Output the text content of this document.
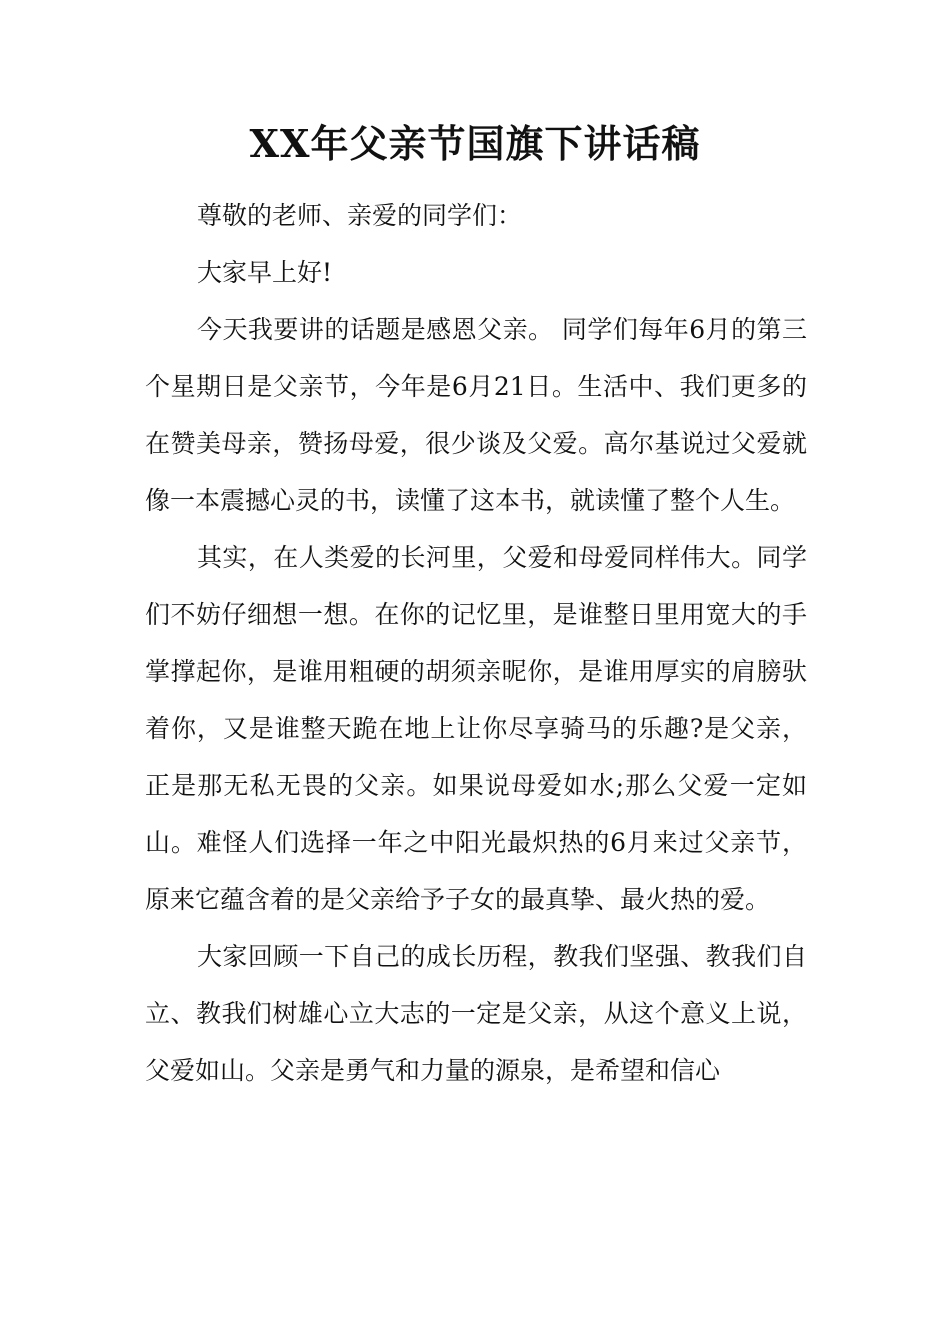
XX年父亲节国旗下讲话稿

尊敬的老师、亲爱的同学们：

大家早上好!

今天我要讲的话题是感恩父亲。 同学们每年6月的第三个星期日是父亲节，今年是6月21日。生活中、我们更多的在赞美母亲，赞扬母爱，很少谈及父爱。高尔基说过父爱就像一本震撼心灵的书，读懂了这本书，就读懂了整个人生。

其实，在人类爱的长河里，父爱和母爱同样伟大。同学们不妨仔细想一想。在你的记忆里，是谁整日里用宽大的手掌撑起你，是谁用粗硬的胡须亲昵你，是谁用厚实的肩膀驮着你，又是谁整天跪在地上让你尽享骑马的乐趣?是父亲，正是那无私无畏的父亲。如果说母爱如水;那么父爱一定如山。难怪人们选择一年之中阳光最炽热的6月来过父亲节，原来它蕴含着的是父亲给予子女的最真挚、最火热的爱。

大家回顾一下自己的成长历程，教我们坚强、教我们自立、教我们树雄心立大志的一定是父亲，从这个意义上说，父爱如山。父亲是勇气和力量的源泉，是希望和信心
